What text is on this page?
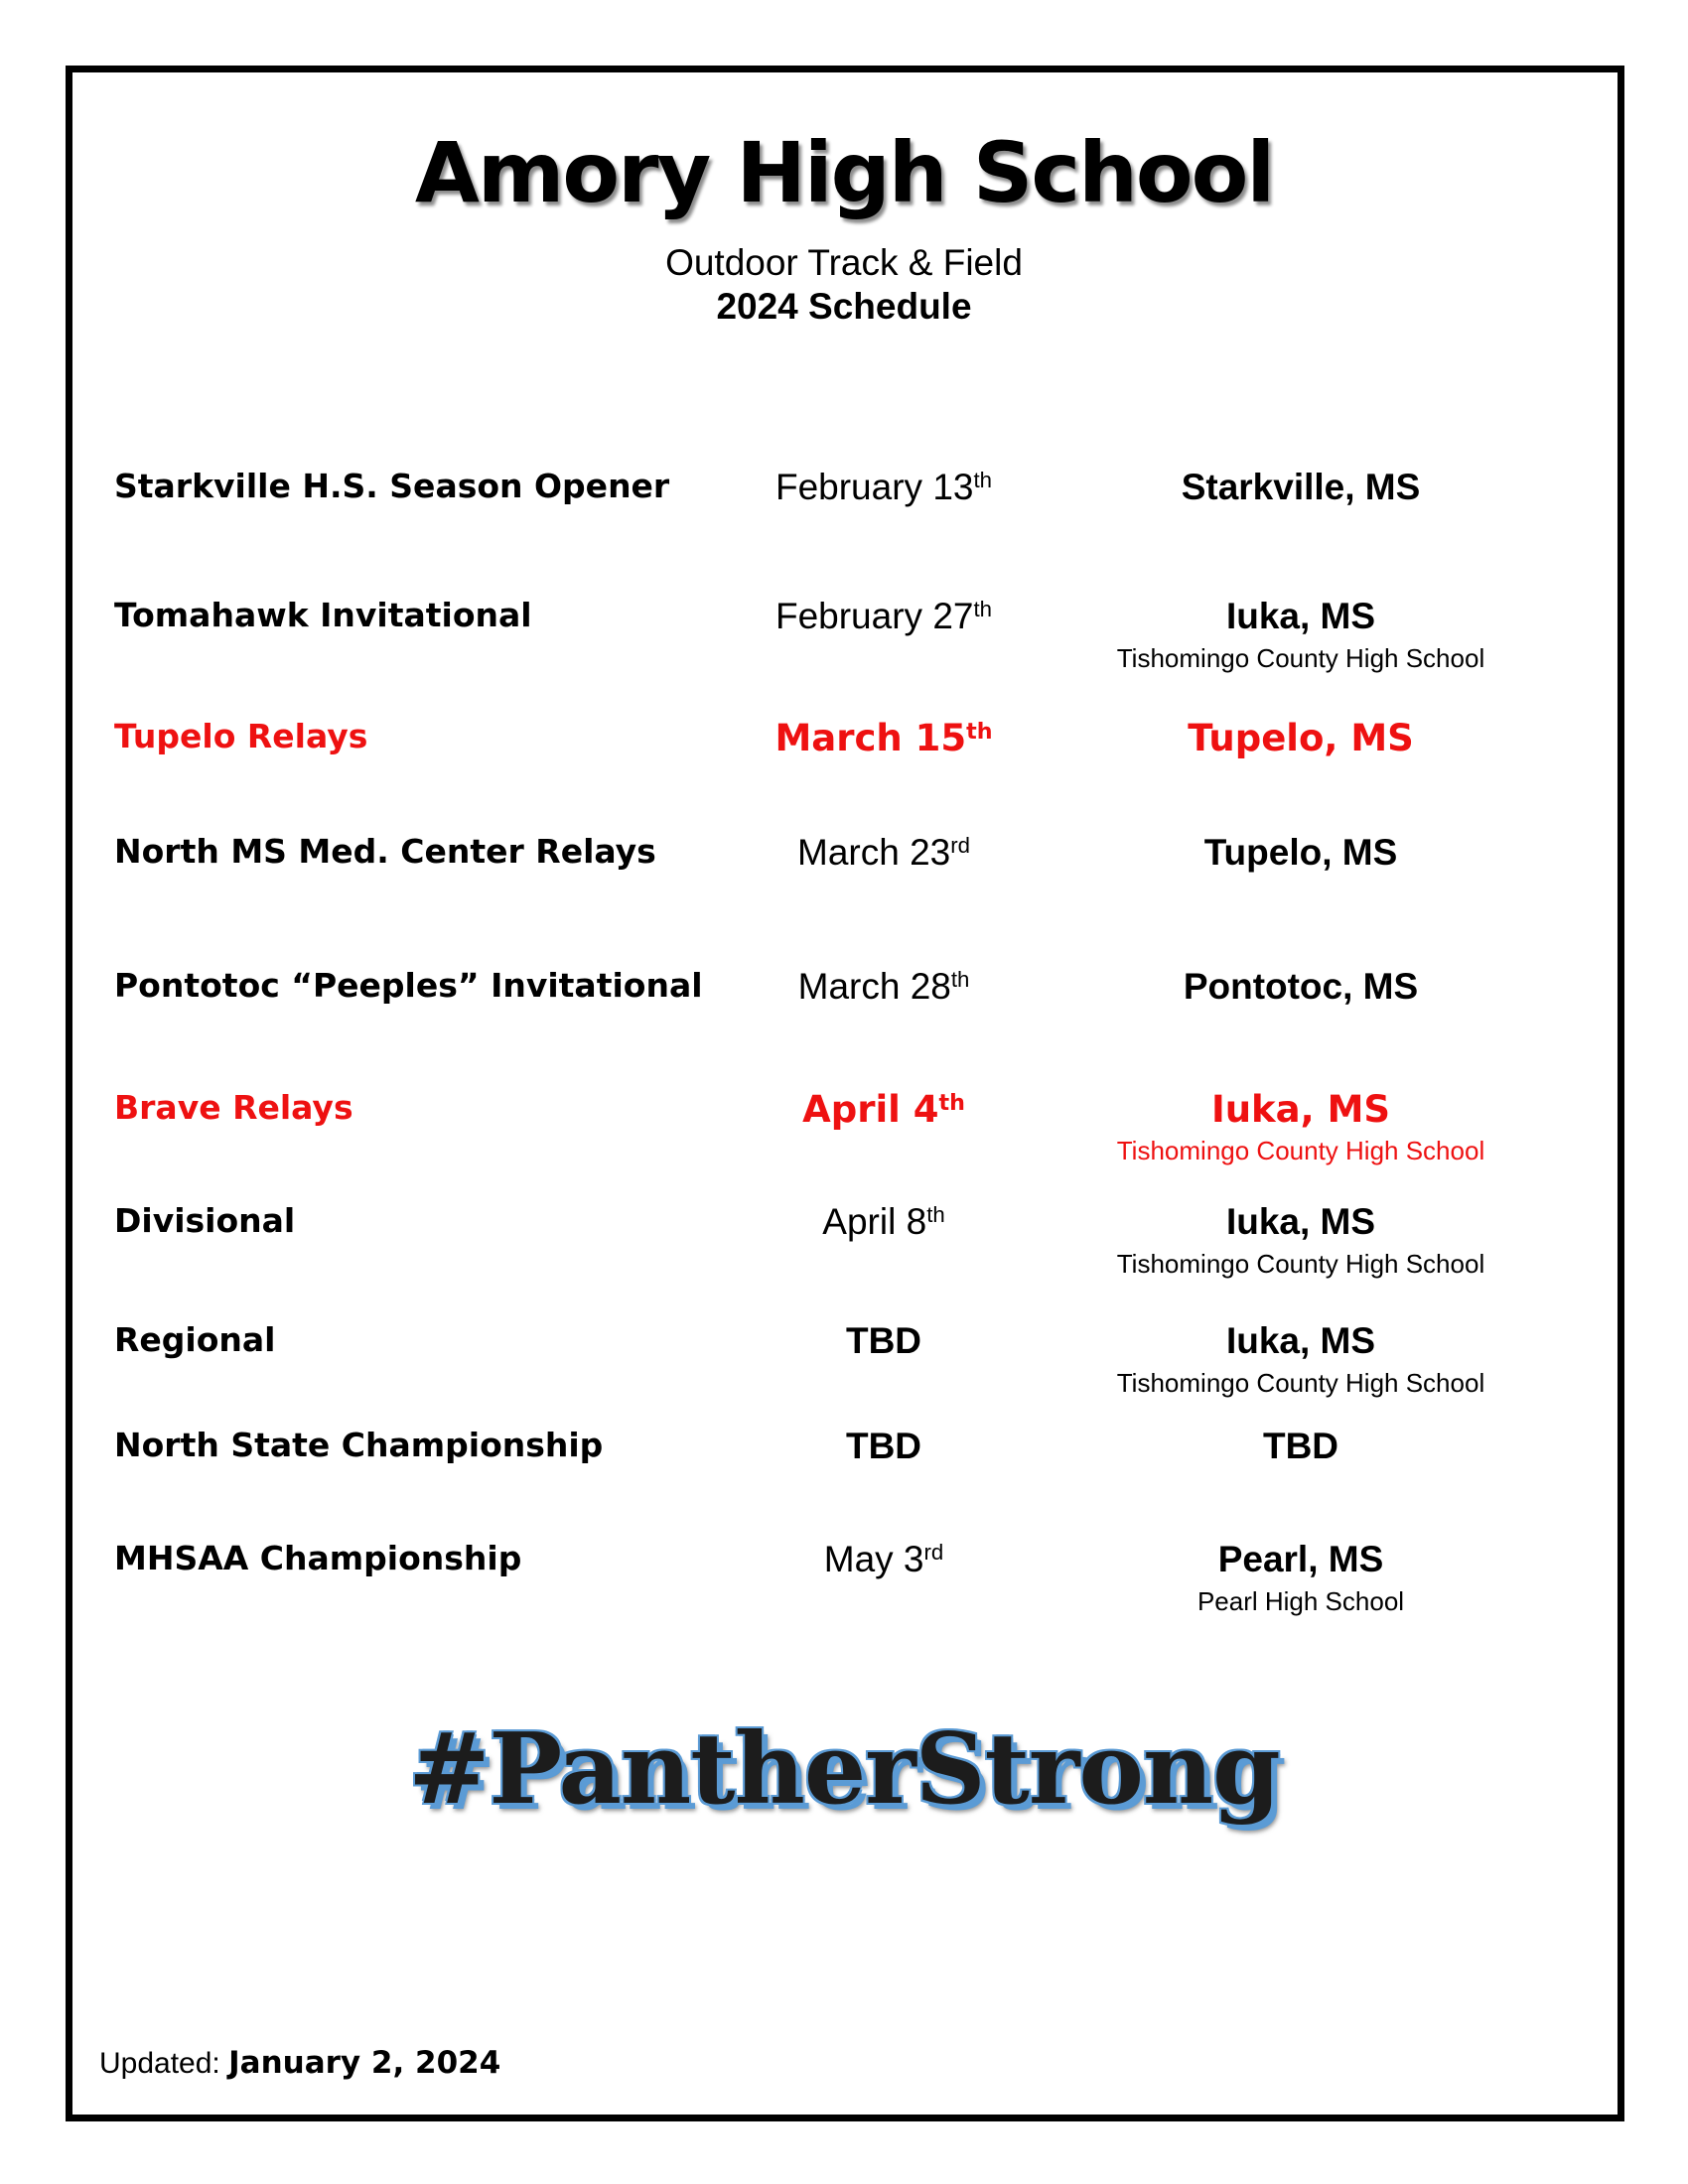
Amory High School
Outdoor Track & Field
2024 Schedule
Starkville H.S. Season Opener	February 13th	Starkville, MS
Tomahawk Invitational	February 27th	Iuka, MS
Tishomingo County High School
Tupelo Relays	March 15th	Tupelo, MS
North MS Med. Center Relays	March 23rd	Tupelo, MS
Pontotoc “Peeples” Invitational	March 28th	Pontotoc, MS
Brave Relays	April 4th	Iuka, MS
Tishomingo County High School
Divisional	April 8th	Iuka, MS
Tishomingo County High School
Regional	TBD	Iuka, MS
Tishomingo County High School
North State Championship	TBD	TBD
MHSAA Championship	May 3rd	Pearl, MS
Pearl High School
#PantherStrong
Updated: January 2, 2024
